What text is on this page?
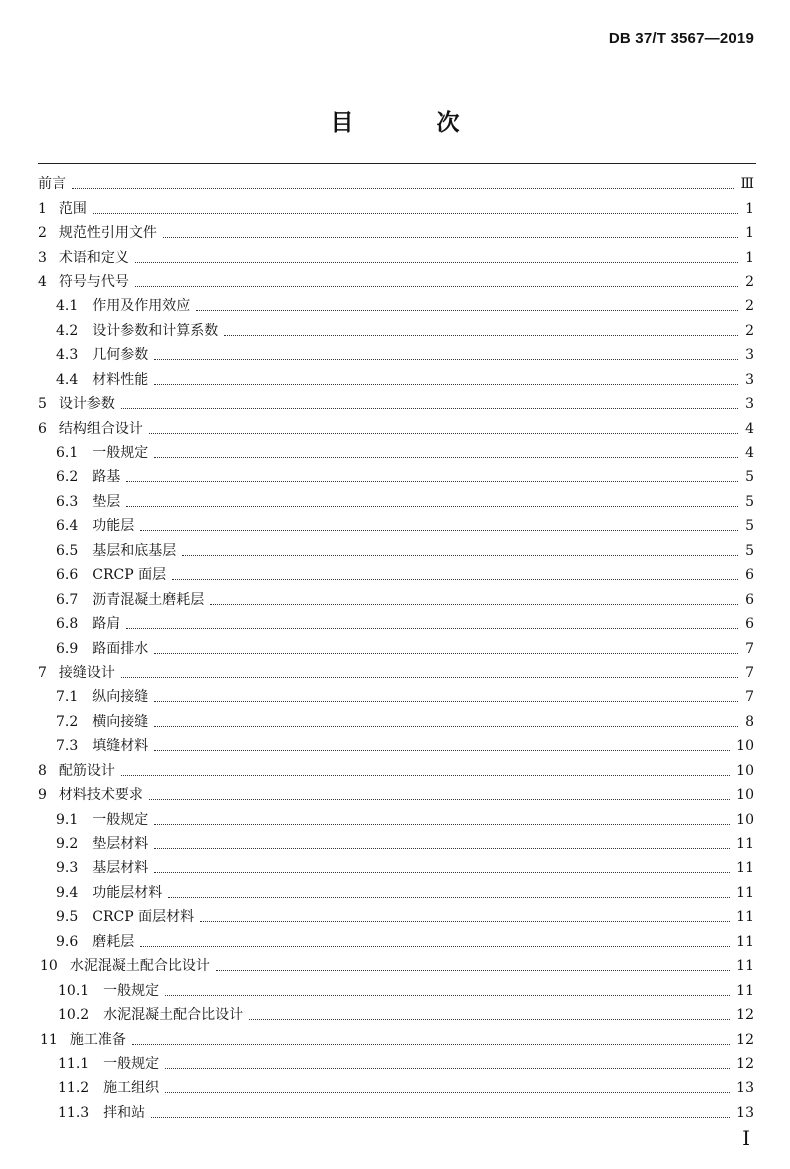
DB 37/T 3567—2019
目　次
前言	Ⅲ
1 范围	1
2 规范性引用文件	1
3 术语和定义	1
4 符号与代号	2
4.1 作用及作用效应	2
4.2 设计参数和计算系数	2
4.3 几何参数	3
4.4 材料性能	3
5 设计参数	3
6 结构组合设计	4
6.1 一般规定	4
6.2 路基	5
6.3 垫层	5
6.4 功能层	5
6.5 基层和底基层	5
6.6 CRCP 面层	6
6.7 沥青混凝土磨耗层	6
6.8 路肩	6
6.9 路面排水	7
7 接缝设计	7
7.1 纵向接缝	7
7.2 横向接缝	8
7.3 填缝材料	10
8 配筋设计	10
9 材料技术要求	10
9.1 一般规定	10
9.2 垫层材料	11
9.3 基层材料	11
9.4 功能层材料	11
9.5 CRCP 面层材料	11
9.6 磨耗层	11
10 水泥混凝土配合比设计	11
10.1 一般规定	11
10.2 水泥混凝土配合比设计	12
11 施工准备	12
11.1 一般规定	12
11.2 施工组织	13
11.3 拌和站	13
I
